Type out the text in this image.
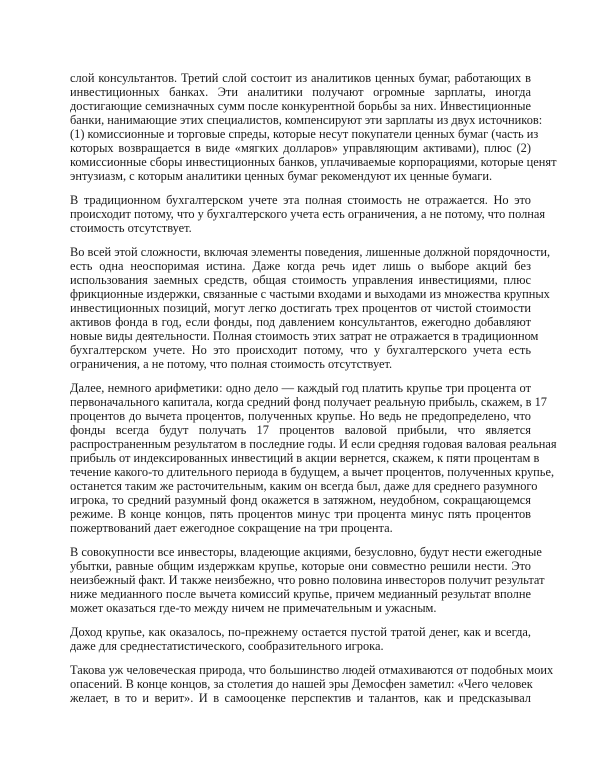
слой консультантов. Третий слой состоит из аналитиков ценных бумаг, работающих в
инвестиционных банках. Эти аналитики получают огромные зарплаты, иногда
достигающие семизначных сумм после конкурентной борьбы за них. Инвестиционные
банки, нанимающие этих специалистов, компенсируют эти зарплаты из двух источников:
(1) комиссионные и торговые спреды, которые несут покупатели ценных бумаг (часть из
которых возвращается в виде «мягких долларов» управляющим активами), плюс (2)
комиссионные сборы инвестиционных банков, уплачиваемые корпорациями, которые ценят
энтузиазм, с которым аналитики ценных бумаг рекомендуют их ценные бумаги.
В традиционном бухгалтерском учете эта полная стоимость не отражается. Но это
происходит потому, что у бухгалтерского учета есть ограничения, а не потому, что полная
стоимость отсутствует.
Во всей этой сложности, включая элементы поведения, лишенные должной порядочности,
есть одна неоспоримая истина. Даже когда речь идет лишь о выборе акций без
использования заемных средств, общая стоимость управления инвестициями, плюс
фрикционные издержки, связанные с частыми входами и выходами из множества крупных
инвестиционных позиций, могут легко достигать трех процентов от чистой стоимости
активов фонда в год, если фонды, под давлением консультантов, ежегодно добавляют
новые виды деятельности. Полная стоимость этих затрат не отражается в традиционном
бухгалтерском учете. Но это происходит потому, что у бухгалтерского учета есть
ограничения, а не потому, что полная стоимость отсутствует.
Далее, немного арифметики: одно дело — каждый год платить крупье три процента от
первоначального капитала, когда средний фонд получает реальную прибыль, скажем, в 17
процентов до вычета процентов, полученных крупье. Но ведь не предопределено, что
фонды всегда будут получать 17 процентов валовой прибыли, что является
распространенным результатом в последние годы. И если средняя годовая валовая реальная
прибыль от индексированных инвестиций в акции вернется, скажем, к пяти процентам в
течение какого-то длительного периода в будущем, а вычет процентов, полученных крупье,
останется таким же расточительным, каким он всегда был, даже для среднего разумного
игрока, то средний разумный фонд окажется в затяжном, неудобном, сокращающемся
режиме. В конце концов, пять процентов минус три процента минус пять процентов
пожертвований дает ежегодное сокращение на три процента.
В совокупности все инвесторы, владеющие акциями, безусловно, будут нести ежегодные
убытки, равные общим издержкам крупье, которые они совместно решили нести. Это
неизбежный факт. И также неизбежно, что ровно половина инвесторов получит результат
ниже медианного после вычета комиссий крупье, причем медианный результат вполне
может оказаться где-то между ничем не примечательным и ужасным.
Доход крупье, как оказалось, по-прежнему остается пустой тратой денег, как и всегда,
даже для среднестатистического, сообразительного игрока.
Такова уж человеческая природа, что большинство людей отмахиваются от подобных моих
опасений. В конце концов, за столетия до нашей эры Демосфен заметил: «Чего человек
желает, в то и верит». И в самооценке перспектив и талантов, как и предсказывал
